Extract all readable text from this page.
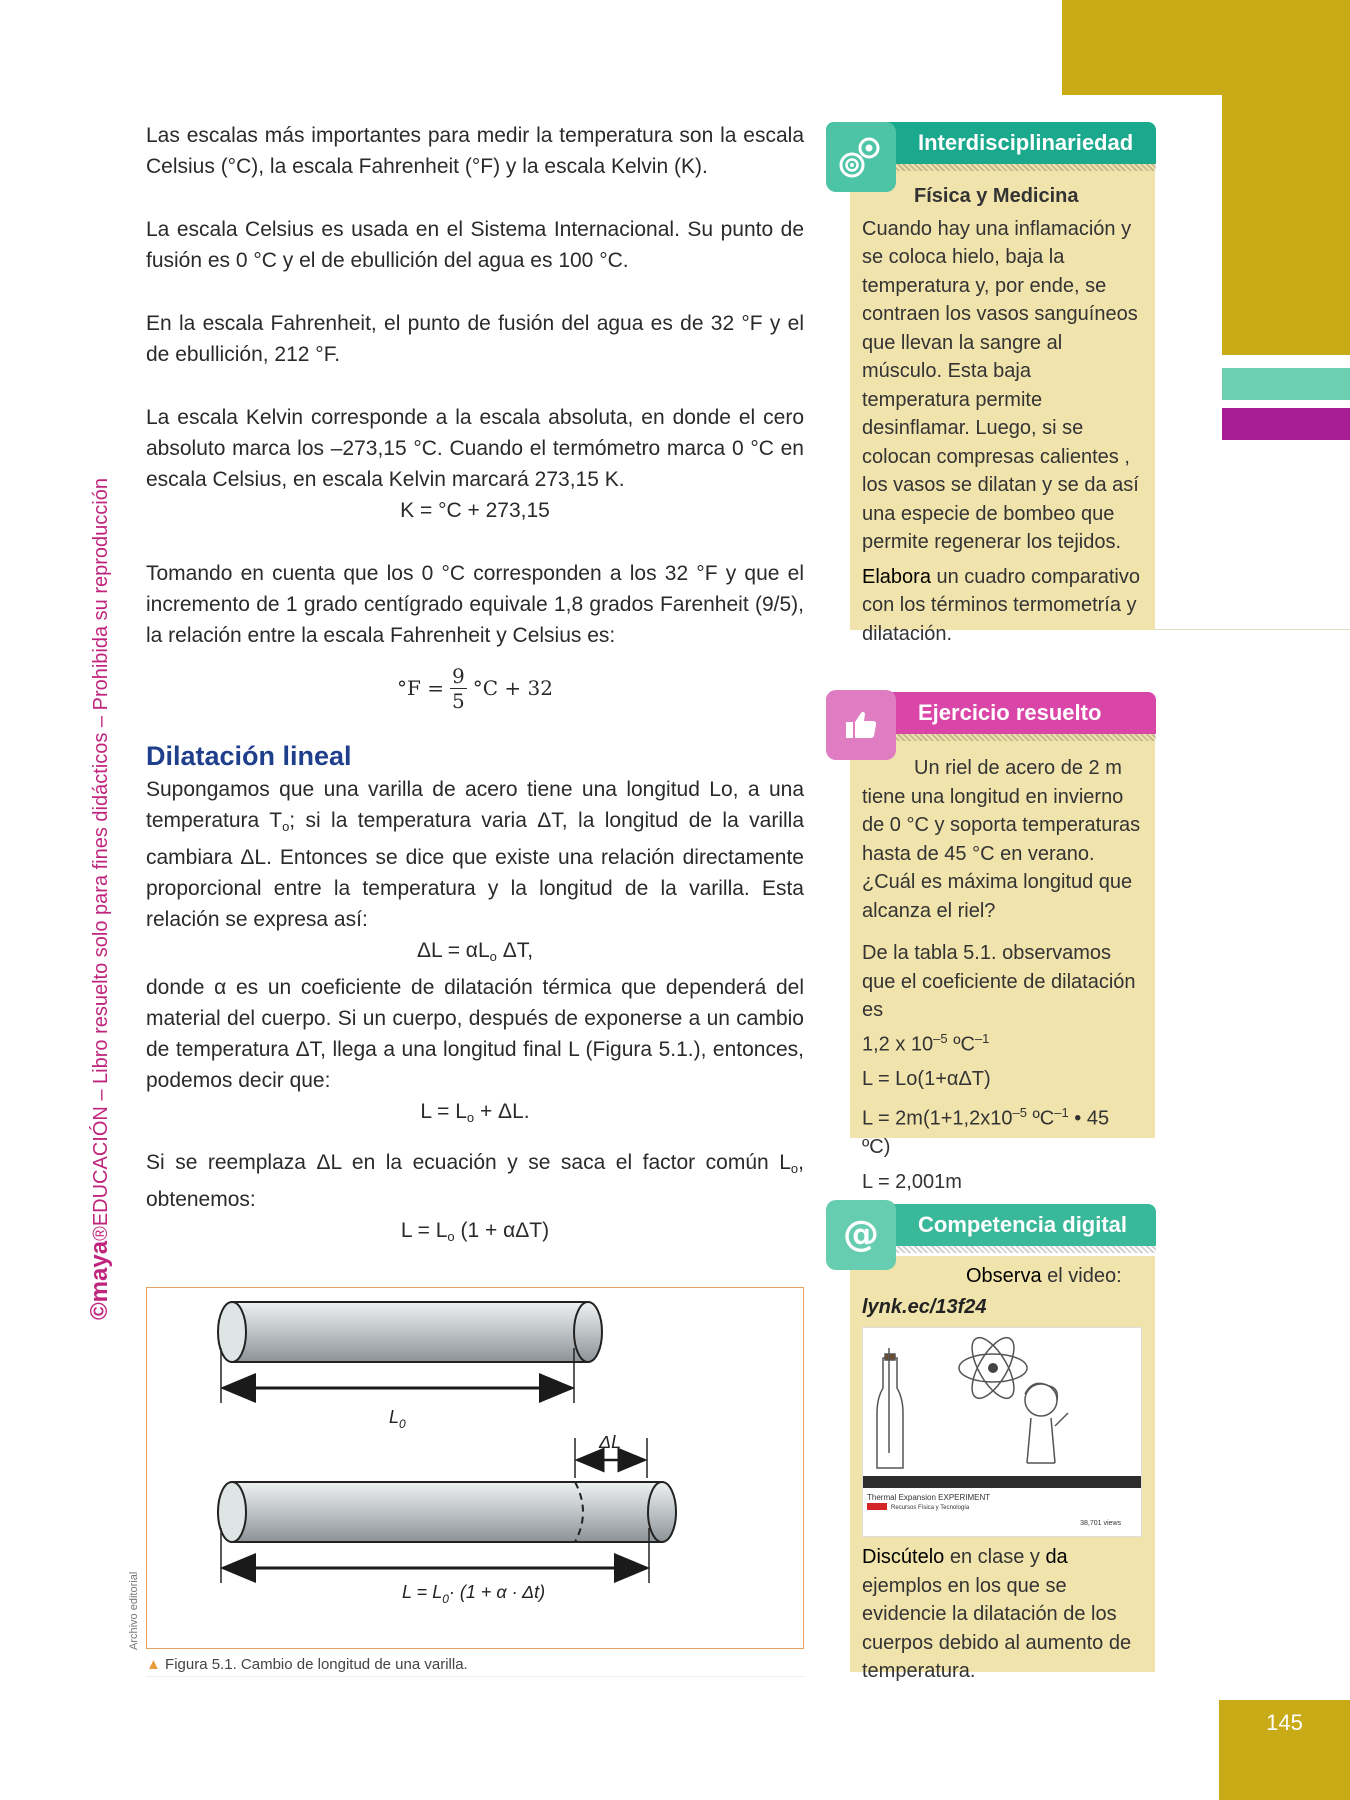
145
©maya®EDUCACIÓN – Libro resuelto solo para fines didácticos – Prohibida su reproducción
Archivo editorial

Las escalas más importantes para medir la temperatura son la escala Celsius (°C), la escala Fahrenheit (°F) y la escala Kelvin (K).

La escala Celsius es usada en el Sistema Internacional. Su punto de fusión es 0 °C y el de ebullición del agua es 100 °C.

En la escala Fahrenheit, el punto de fusión del agua es de 32 °F y el de ebullición, 212 °F.

La escala Kelvin corresponde a la escala absoluta, en donde el cero absoluto marca los –273,15 °C. Cuando el termómetro marca 0 °C en escala Celsius, en escala Kelvin marcará 273,15 K.

K = °C + 273,15

Tomando en cuenta que los 0 °C corresponden a los 32 °F y que el incremento de 1 grado centígrado equivale 1,8 grados Farenheit (9/5), la relación entre la escala Fahrenheit y Celsius es:

$^\circ F = \frac{9}{5} ^\circ C + 32$
Dilatación lineal

Supongamos que una varilla de acero tiene una longitud Lo, a una temperatura $T_o$; si la temperatura varia ΔT, la longitud de la varilla cambiara ΔL. Entonces se dice que existe una relación directamente proporcional entre la temperatura y la longitud de la varilla. Esta relación se expresa así:

$\Delta L = \alpha L_o$ ΔT,

donde α es un coeficiente de dilatación térmica que dependerá del material del cuerpo. Si un cuerpo, después de exponerse a un cambio de temperatura ΔT, llega a una longitud final L (Figura 5.1.), entonces, podemos decir que:

$L = L_o + \Delta L$.

Si se reemplaza ΔL en la ecuación y se saca el factor común $L_o$, obtenemos:

$L = L_o$ (1 + αΔT)
$L_0$
ΔL
$L = L_0\cdot (1 + \alpha \cdot \Delta t)$
▲ Figura 5.1. Cambio de longitud de una varilla.

Física y Medicina

Cuando hay una inflamación y se coloca hielo, baja la temperatura y, por ende, se contraen los vasos sanguíneos que llevan la sangre al músculo. Esta baja temperatura permite desinflamar. Luego, si se colocan compresas calientes , los vasos se dilatan y se da así una especie de bombeo que permite regenerar los tejidos.

Elabora un cuadro comparativo con los términos termometría y dilatación.

Interdisciplinariedad

Un riel de acero de 2 m tiene una longitud en invierno de 0 °C y soporta temperaturas hasta de 45 °C en verano. ¿Cuál es máxima longitud que alcanza el riel?

De la tabla 5.1. observamos que el coeficiente de dilatación es

1,2 x $10^{-5}$ ºC$^{-1}$

L = Lo(1+αΔT)

$L = 2m(1+1,2x10^{-5}$ ºC$^{-1}$ • 45 ºC)

L = 2,001m

Ejercicio resuelto

Observa el video:

lynk.ec/13f24

Thermal Expansion EXPERIMENT
Recursos Física y Tecnología
38,701 views

Discútelo en clase y da ejemplos en los que se evidencie la dilatación de los cuerpos debido al aumento de temperatura.

Competencia digital
@
